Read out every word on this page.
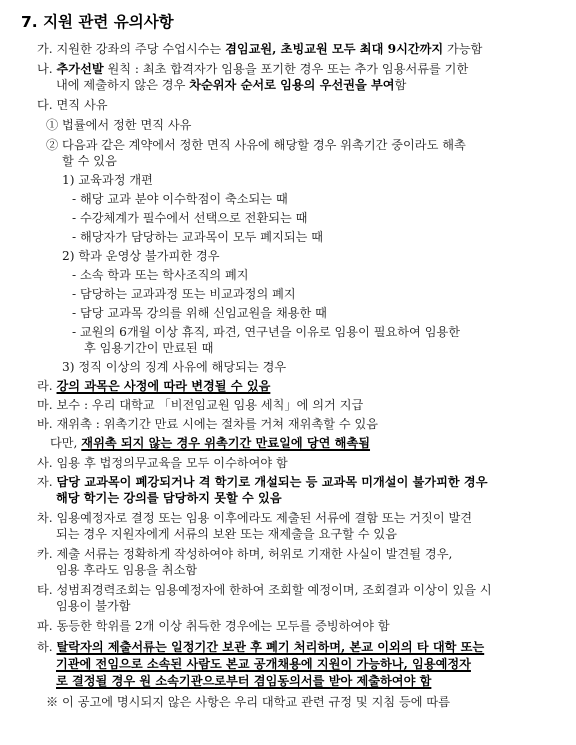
7. 지원 관련 유의사항
가. 지원한 강좌의 주당 수업시수는 겸임교원, 초빙교원 모두 최대 9시간까지 가능함
나. 추가선발 원칙 : 최초 합격자가 임용을 포기한 경우 또는 추가 임용서류를 기한
내에 제출하지 않은 경우 차순위자 순서로 임용의 우선권을 부여함
다. 면직 사유
① 법률에서 정한 면직 사유
② 다음과 같은 계약에서 정한 면직 사유에 해당할 경우 위촉기간 중이라도 해촉
할 수 있음
1) 교육과정 개편
- 해당 교과 분야 이수학점이 축소되는 때
- 수강체계가 필수에서 선택으로 전환되는 때
- 해당자가 담당하는 교과목이 모두 폐지되는 때
2) 학과 운영상 불가피한 경우
- 소속 학과 또는 학사조직의 폐지
- 담당하는 교과과정 또는 비교과정의 폐지
- 담당 교과목 강의를 위해 신임교원을 채용한 때
- 교원의 6개월 이상 휴직, 파견, 연구년을 이유로 임용이 필요하여 임용한
후 임용기간이 만료된 때
3) 정직 이상의 징계 사유에 해당되는 경우
라. 강의 과목은 사정에 따라 변경될 수 있음
마. 보수 : 우리 대학교 「비전임교원 임용 세칙」에 의거 지급
바. 재위촉 : 위촉기간 만료 시에는 절차를 거쳐 재위촉할 수 있음
다만, 재위촉 되지 않는 경우 위촉기간 만료일에 당연 해촉됨
사. 임용 후 법정의무교육을 모두 이수하여야 함
자. 담당 교과목이 폐강되거나 격 학기로 개설되는 등 교과목 미개설이 불가피한 경우
해당 학기는 강의를 담당하지 못할 수 있음
차. 임용예정자로 결정 또는 임용 이후에라도 제출된 서류에 결함 또는 거짓이 발견
되는 경우 지원자에게 서류의 보완 또는 재제출을 요구할 수 있음
카. 제출 서류는 정확하게 작성하여야 하며, 허위로 기재한 사실이 발견될 경우,
임용 후라도 임용을 취소함
타. 성범죄경력조회는 임용예정자에 한하여 조회할 예정이며, 조회결과 이상이 있을 시
임용이 불가함
파. 동등한 학위를 2개 이상 취득한 경우에는 모두를 증빙하여야 함
하. 탈락자의 제출서류는 일정기간 보관 후 폐기 처리하며, 본교 이외의 타 대학 또는
기관에 전임으로 소속된 사람도 본교 공개채용에 지원이 가능하나, 임용예정자
로 결정될 경우 원 소속기관으로부터 겸임동의서를 받아 제출하여야 함
※ 이 공고에 명시되지 않은 사항은 우리 대학교 관련 규정 및 지침 등에 따름
